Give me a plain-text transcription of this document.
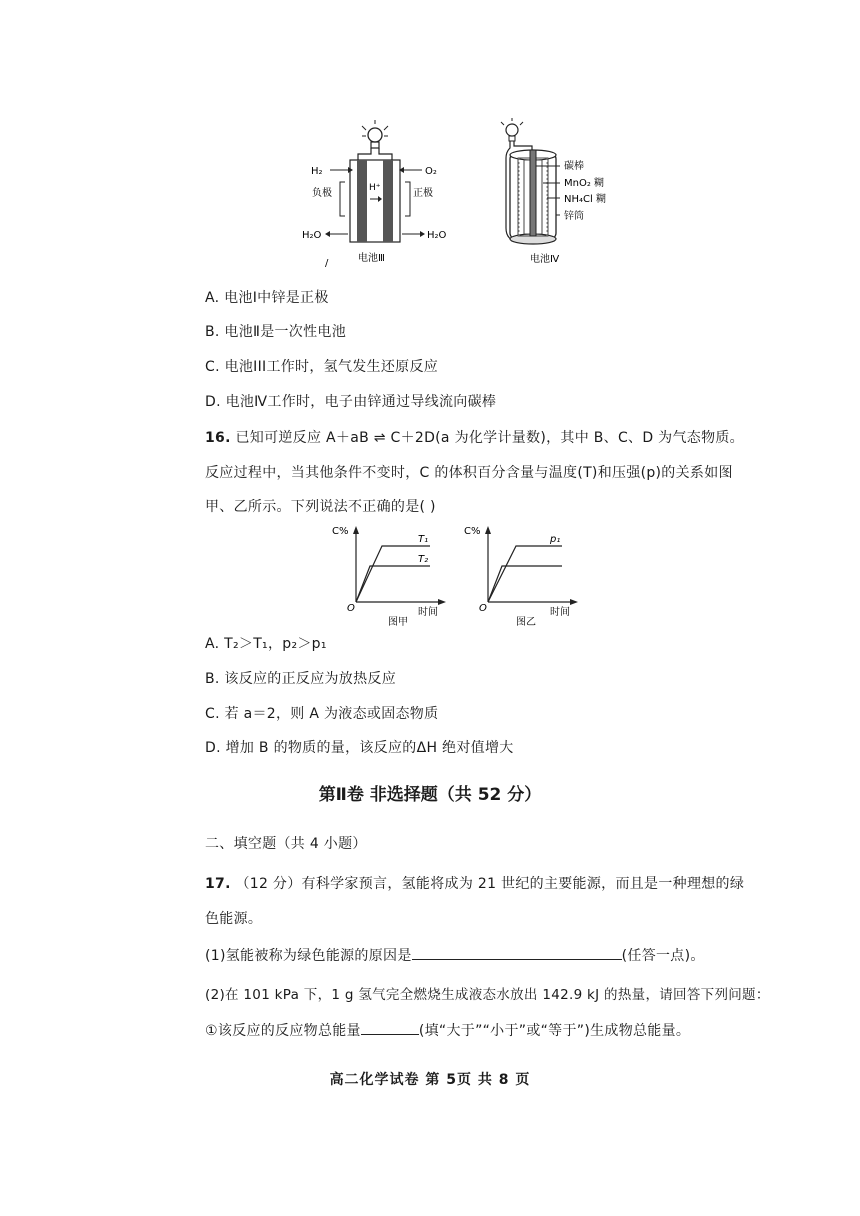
H₂	O₂
负极	正极
H⁺
H₂O	H₂O
电池Ⅲ
/
碳棒
MnO₂ 糊
NH₄Cl 糊
锌筒
电池Ⅳ
A. 电池Ⅰ中锌是正极
B. 电池Ⅱ是一次性电池
C. 电池III工作时，氢气发生还原反应
D. 电池Ⅳ工作时，电子由锌通过导线流向碳棒
16. 已知可逆反应 A＋aB ⇌ C＋2D(a 为化学计量数)，其中 B、C、D 为气态物质。
反应过程中，当其他条件不变时，C 的体积百分含量与温度(T)和压强(p)的关系如图
甲、乙所示。下列说法不正确的是( )
C%
O	时间
T₁
T₂
图甲
C%
O	时间
p₁
图乙
A. T₂＞T₁，p₂＞p₁
B. 该反应的正反应为放热反应
C. 若 a＝2，则 A 为液态或固态物质
D. 增加 B 的物质的量，该反应的ΔH 绝对值增大
第Ⅱ卷 非选择题（共 52 分）
二、填空题（共 4 小题）
17. （12 分）有科学家预言，氢能将成为 21 世纪的主要能源，而且是一种理想的绿
色能源。
(1)氢能被称为绿色能源的原因是	(任答一点)。
(2)在 101 kPa 下，1 g 氢气完全燃烧生成液态水放出 142.9 kJ 的热量，请回答下列问题：
①该反应的反应物总能量	(填“大于”“小于”或“等于”)生成物总能量。
高二化学试卷 第 5页 共 8 页
